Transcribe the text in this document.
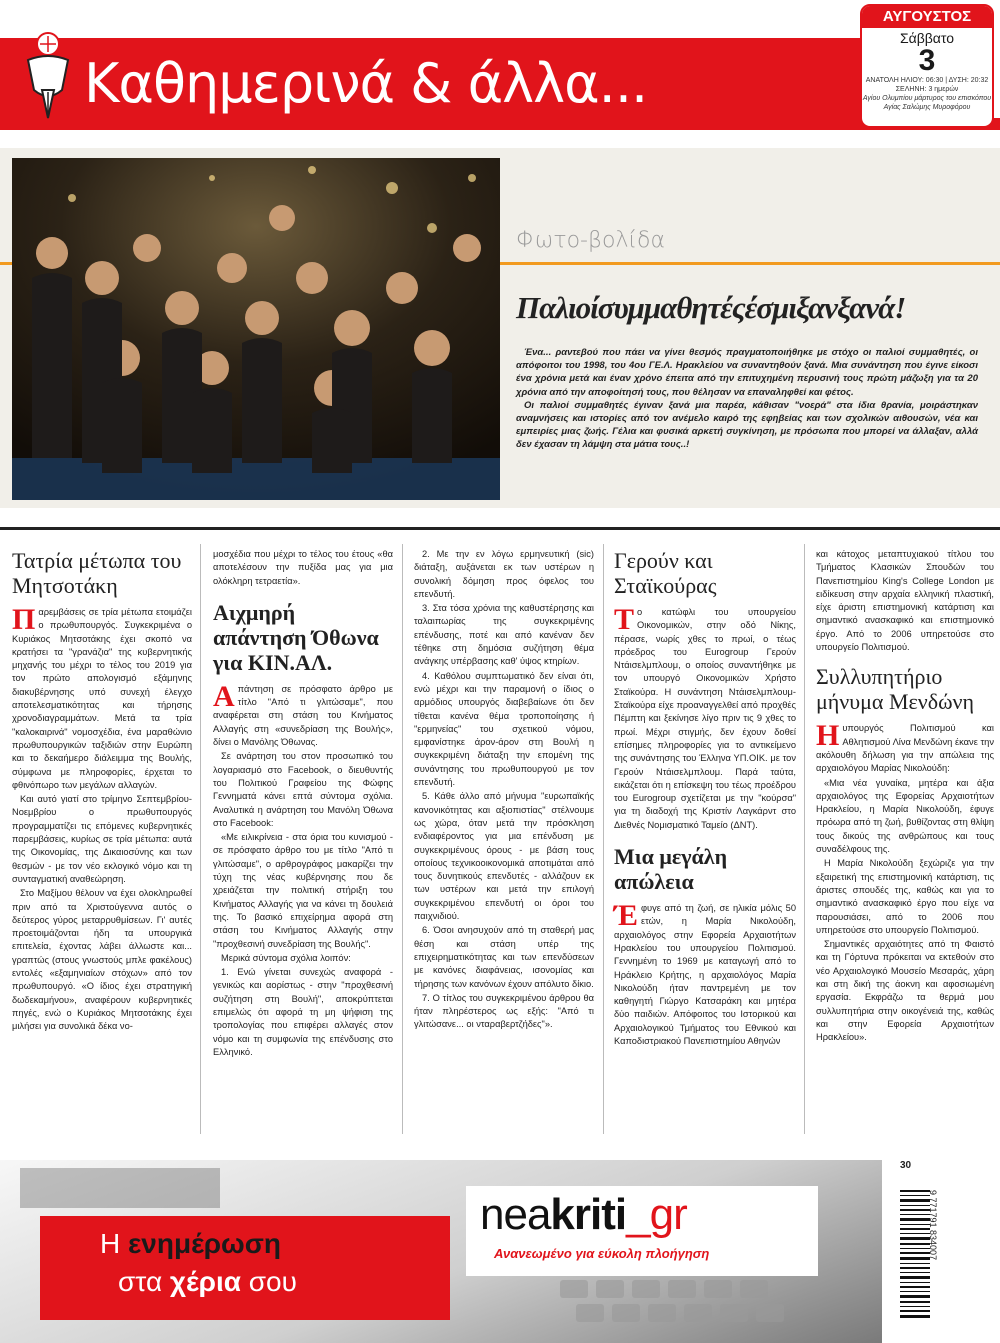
Καθημερινά & άλλα...
ΑΥΓΟΥΣΤΟΣ
Σάββατο
3
ΑΝΑΤΟΛΗ ΗΛΙΟΥ: 06:30 | ΔΥΣΗ: 20:32
ΣΕΛΗΝΗ: 3 ημερών
Αγίου Ολυμπίου μάρτυρος του επισκόπου
Αγίας Σαλώμης Μυροφόρου
Φωτο-βολίδα
Παλιοίσυμμαθητέςέσμιξανξανά!

Ένα... ραντεβού που πάει να γίνει θεσμός πραγματοποιήθηκε με στόχο οι παλιοί συμμαθητές, οι απόφοιτοι του 1998, του 4ου ΓΕ.Λ. Ηρακλείου να συναντηθούν ξανά. Μια συνάντηση που έγινε είκοσι ένα χρόνια μετά και έναν χρόνο έπειτα από την επιτυχημένη περυσινή τους πρώτη μάζωξη για τα 20 χρόνια από την αποφοίτησή τους, που θέλησαν να επαναληφθεί και φέτος.

Οι παλιοί συμμαθητές έγιναν ξανά μια παρέα, κάθισαν "νοερά" στα ίδια θρανία, μοιράστηκαν αναμνήσεις και ιστορίες από τον ανέμελο καιρό της εφηβείας και των σχολικών αιθουσών, νέα και εμπειρίες μιας ζωής. Γέλια και φυσικά αρκετή συγκίνηση, με πρόσωπα που μπορεί να άλλαξαν, αλλά δεν έχασαν τη λάμψη στα μάτια τους..!

Τατρία μέτωπα του Μητσοτάκη

Παρεμβάσεις σε τρία μέτωπα ετοιμάζει ο πρωθυπουργός. Συγκεκριμένα ο Κυριάκος Μητσοτάκης έχει σκοπό να κρατήσει τα "γρανάζια" της κυβερνητικής μηχανής του μέχρι το τέλος του 2019 για τον πρώτο απολογισμό εξάμηνης διακυβέρνησης υπό συνεχή έλεγχο αποτελεσματικότητας και τήρησης χρονοδιαγραμμάτων. Μετά τα τρία "καλοκαιρινά" νομοσχέδια, ένα μαραθώνιο πρωθυπουργικών ταξιδιών στην Ευρώπη και το δεκαήμερο διάλειμμα της Βουλής, σύμφωνα με πληροφορίες, έρχεται το φθινόπωρο των μεγάλων αλλαγών.

Και αυτό γιατί στο τρίμηνο Σεπτεμβρίου-Νοεμβρίου ο πρωθυπουργός προγραμματίζει τις επόμενες κυβερνητικές παρεμβάσεις, κυρίως σε τρία μέτωπα: αυτά της Οικονομίας, της Δικαιοσύνης και των θεσμών - με τον νέο εκλογικό νόμο και τη συνταγματική αναθεώρηση.

Στο Μαξίμου θέλουν να έχει ολοκληρωθεί πριν από τα Χριστούγεννα αυτός ο δεύτερος γύρος μεταρρυθμίσεων. Γι' αυτές προετοιμάζονται ήδη τα υπουργικά επιτελεία, έχοντας λάβει άλλωστε και... γραπτώς (στους γνωστούς μπλε φακέλους) εντολές «εξαμηνιαίων στόχων» από τον πρωθυπουργό. «Ο ίδιος έχει στρατηγική δωδεκαμήνου», αναφέρουν κυβερνητικές πηγές, ενώ ο Κυριάκος Μητσοτάκης έχει μιλήσει για συνολικά δέκα νο-

μοσχέδια που μέχρι το τέλος του έτους «θα αποτελέσουν την πυξίδα μας για μια ολόκληρη τετραετία».

Αιχμηρή απάντηση Όθωνα για ΚΙΝ.ΑΛ.

Απάντηση σε πρόσφατο άρθρο με τίτλο "Από τι γλιτώσαμε", που αναφέρεται στη στάση του Κινήματος Αλλαγής στη «συνεδρίαση της Βουλής», δίνει ο Μανόλης Όθωνας.

Σε ανάρτηση του στον προσωπικό του λογαριασμό στο Facebook, ο διευθυντής του Πολιτικού Γραφείου της Φώφης Γεννηματά κάνει επτά σύντομα σχόλια. Αναλυτικά η ανάρτηση του Μανόλη Όθωνα στο Facebook:

«Με ειλικρίνεια - στα όρια του κυνισμού - σε πρόσφατο άρθρο του με τίτλο "Από τι γλιτώσαμε", ο αρθρογράφος μακαρίζει την τύχη της νέας κυβέρνησης που δε χρειάζεται την πολιτική στήριξη του Κινήματος Αλλαγής για να κάνει τη δουλειά της. Το βασικό επιχείρημα αφορά στη στάση του Κινήματος Αλλαγής στην "προχθεσινή συνεδρίαση της Βουλής".

Μερικά σύντομα σχόλια λοιπόν:

1. Ενώ γίνεται συνεχώς αναφορά - γενικώς και αορίστως - στην "προχθεσινή συζήτηση στη Βουλή", αποκρύπτεται επιμελώς ότι αφορά τη μη ψήφιση της τροπολογίας που επιφέρει αλλαγές στον νόμο και τη συμφωνία της επένδυσης στο Ελληνικό.

2. Με την εν λόγω ερμηνευτική (sic) διάταξη, αυξάνεται εκ των υστέρων η συνολική δόμηση προς όφελος του επενδυτή.

3. Στα τόσα χρόνια της καθυστέρησης και ταλαιπωρίας της συγκεκριμένης επένδυσης, ποτέ και από κανέναν δεν τέθηκε στη δημόσια συζήτηση θέμα ανάγκης υπέρβασης καθ' ύψος κτηρίων.

4. Καθόλου συμπτωματικό δεν είναι ότι, ενώ μέχρι και την παραμονή ο ίδιος ο αρμόδιος υπουργός διαβεβαίωνε ότι δεν τίθεται κανένα θέμα τροποποίησης ή "ερμηνείας" του σχετικού νόμου, εμφανίστηκε άρον-άρον στη Βουλή η συγκεκριμένη διάταξη την επομένη της συνάντησης του πρωθυπουργού με τον επενδυτή.

5. Κάθε άλλο από μήνυμα "ευρωπαϊκής κανονικότητας και αξιοπιστίας" στέλνουμε ως χώρα, όταν μετά την πρόσκληση ενδιαφέροντος για μια επένδυση με συγκεκριμένους όρους - με βάση τους οποίους τεχνικοοικονομικά αποτιμάται από τους δυνητικούς επενδυτές - αλλάζουν εκ των υστέρων και μετά την επιλογή συγκεκριμένου επενδυτή οι όροι του παιχνιδιού.

6. Όσοι ανησυχούν από τη σταθερή μας θέση και στάση υπέρ της επιχειρηματικότητας και των επενδύσεων με κανόνες διαφάνειας, ισονομίας και τήρησης των κανόνων έχουν απόλυτο δίκιο.

7. Ο τίτλος του συγκεκριμένου άρθρου θα ήταν πληρέστερος ως εξής: "Από τι γλιτώσανε... οι νταραβερτζήδες"».

Γερούν και Σταϊκούρας

Το κατώφλι του υπουργείου Οικονομικών, στην οδό Νίκης, πέρασε, νωρίς χθες το πρωί, ο τέως πρόεδρος του Eurogroup Γερούν Ντάισελμπλουμ, ο οποίος συναντήθηκε με τον υπουργό Οικονομικών Χρήστο Σταϊκούρα. Η συνάντηση Ντάισελμπλουμ-Σταϊκούρα είχε προαναγγελθεί από προχθές Πέμπτη και ξεκίνησε λίγο πριν τις 9 χθες το πρωί. Μέχρι στιγμής, δεν έχουν δοθεί επίσημες πληροφορίες για το αντικείμενο της συνάντησης του Έλληνα ΥΠ.ΟΙΚ. με τον Γερούν Ντάισελμπλουμ. Παρά ταύτα, εικάζεται ότι η επίσκεψη του τέως προέδρου του Eurogroup σχετίζεται με την "κούρσα" για τη διαδοχή της Κριστίν Λαγκάρντ στο Διεθνές Νομισματικό Ταμείο (ΔΝΤ).

Μια μεγάλη απώλεια

Έφυγε από τη ζωή, σε ηλικία μόλις 50 ετών, η Μαρία Νικολούδη, αρχαιολόγος στην Εφορεία Αρχαιοτήτων Ηρακλείου του υπουργείου Πολιτισμού. Γεννημένη το 1969 με καταγωγή από το Ηράκλειο Κρήτης, η αρχαιολόγος Μαρία Νικολούδη ήταν παντρεμένη με τον καθηγητή Γιώργο Κατσαράκη και μητέρα δύο παιδιών. Απόφοιτος του Ιστορικού και Αρχαιολογικού Τμήματος του Εθνικού και Καποδιστριακού Πανεπιστημίου Αθηνών

και κάτοχος μεταπτυχιακού τίτλου του Τμήματος Κλασικών Σπουδών του Πανεπιστημίου King's College London με ειδίκευση στην αρχαία ελληνική πλαστική, είχε άριστη επιστημονική κατάρτιση και σημαντικό ανασκαφικό και επιστημονικό έργο. Από το 2006 υπηρετούσε στο υπουργείο Πολιτισμού.

Συλλυπητήριο μήνυμα Μενδώνη

Ηυπουργός Πολιτισμού και Αθλητισμού Λίνα Μενδώνη έκανε την ακόλουθη δήλωση για την απώλεια της αρχαιολόγου Μαρίας Νικολούδη:

«Μια νέα γυναίκα, μητέρα και άξια αρχαιολόγος της Εφορείας Αρχαιοτήτων Ηρακλείου, η Μαρία Νικολούδη, έφυγε πρόωρα από τη ζωή, βυθίζοντας στη θλίψη τους δικούς της ανθρώπους και τους συναδέλφους της.

Η Μαρία Νικολούδη ξεχώριζε για την εξαιρετική της επιστημονική κατάρτιση, τις άριστες σπουδές της, καθώς και για το σημαντικό ανασκαφικό έργο που είχε να παρουσιάσει, από το 2006 που υπηρετούσε στο υπουργείο Πολιτισμού.

Σημαντικές αρχαιότητες από τη Φαιστό και τη Γόρτυνα πρόκειται να εκτεθούν στο νέο Αρχαιολογικό Μουσείο Μεσαράς, χάρη και στη δική της άοκνη και αφοσιωμένη εργασία. Εκφράζω τα θερμά μου συλλυπητήρια στην οικογένειά της, καθώς και στην Εφορεία Αρχαιοτήτων Ηρακλείου».

Η ενημέρωση
στα χέρια σου
neakriti_gr
Ανανεωμένο για εύκολη πλοήγηση
30
9 771791 834007
